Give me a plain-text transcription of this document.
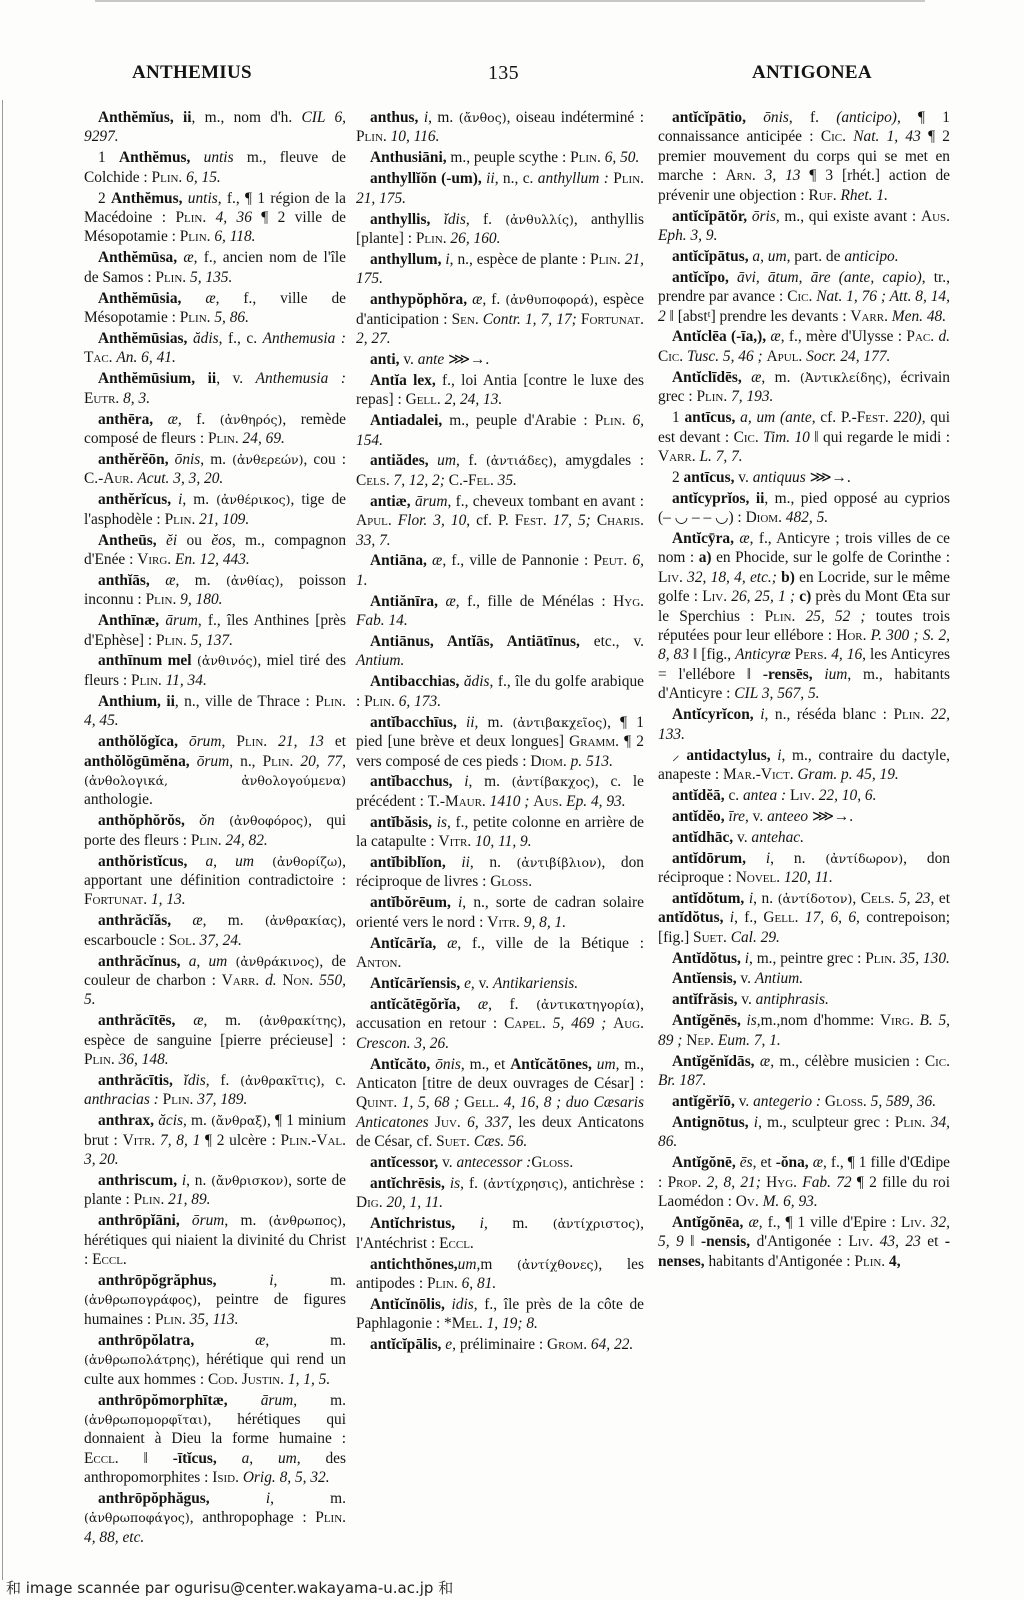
ANTHEMIUS	135	ANTIGONEA

Anthĕmĭus, ii, m., nom d'h. CIL 6, 9297.

1 Anthĕmus, untis m., fleuve de Colchide : Plin. 6, 15.

2 Anthĕmus, untis, f., ¶ 1 région de la Macédoine : Plin. 4, 36 ¶ 2 ville de Mésopotamie : Plin. 6, 118.

Anthĕmūsa, æ, f., ancien nom de l'île de Samos : Plin. 5, 135.

Anthĕmūsia, æ, f., ville de Mésopotamie : Plin. 5, 86.

Anthĕmūsias, ădis, f., c. Anthemusia : Tac. An. 6, 41.

Anthĕmūsium, ii, v. Anthemusia : Eutr. 8, 3.

anthēra, æ, f. (ἀνθηρός), remède composé de fleurs : Plin. 24, 69.

anthĕrĕōn, ōnis, m. (ἀνθερεών), cou : C.-Aur. Acut. 3, 3, 20.

anthĕrĭcus, i, m. (ἀνθέρικος), tige de l'asphodèle : Plin. 21, 109.

Antheūs, ĕi ou ĕos, m., compagnon d'Enée : Virg. En. 12, 443.

anthĭās, æ, m. (ἀνθίας), poisson inconnu : Plin. 9, 180.

Anthīnæ, ārum, f., îles Anthines [près d'Ephèse] : Plin. 5, 137.

anthīnum mel (ἀνθινός), miel tiré des fleurs : Plin. 11, 34.

Anthium, ii, n., ville de Thrace : Plin. 4, 45.

anthŏlŏgĭca, ōrum, Plin. 21, 13 et anthŏlŏgūmĕna, ōrum, n., Plin. 20, 77, (ἀνθολογικά, ἀνθολογούμενα) anthologie.

anthŏphŏrŏs, ŏn (ἀνθοφόρος), qui porte des fleurs : Plin. 24, 82.

anthŏristĭcus, a, um (ἀνθορίζω), apportant une définition contradictoire : Fortunat. 1, 13.

anthrăcĭăs, æ, m. (ἀνθρακίας), escarboucle : Sol. 37, 24.

anthrăcĭnus, a, um (ἀνθράκινος), de couleur de charbon : Varr. d. Non. 550, 5.

anthrăcītēs, æ, m. (ἀνθρακίτης), espèce de sanguine [pierre précieuse] : Plin. 36, 148.

anthrăcītis, ĭdis, f. (ἀνθρακῖτις), c. anthracias : Plin. 37, 189.

anthrax, ăcis, m. (ἄνθραξ), ¶ 1 minium brut : Vitr. 7, 8, 1 ¶ 2 ulcère : Plin.-Val. 3, 20.

anthriscum, i, n. (ἄνθρισκον), sorte de plante : Plin. 21, 89.

anthrōpĭāni, ōrum, m. (ἀνθρωπος), hérétiques qui niaient la divinité du Christ : Eccl.

anthrōpŏgrăphus,	i, m. (ἀνθρωπογράφος), peintre de figures humaines : Plin. 35, 113.

anthrōpŏlatra,	æ, m. (ἀνθρωπολάτρης), hérétique qui rend un culte aux hommes : Cod. Justin. 1, 1, 5.

anthrōpŏmorphītæ, ārum, m. (ἀνθρωπομορφῖται), hérétiques qui donnaient à Dieu la forme humaine : Eccl. ‖ -ītĭcus, a, um, des anthropomorphites : Isid. Orig. 8, 5, 32.

anthrōpŏphăgus,	i, m. (ἀνθρωποφάγος), anthropophage : Plin. 4, 88, etc.

anthus, i, m. (ἄνθος), oiseau indéterminé : Plin. 10, 116.

Anthusiāni, m., peuple scythe : Plin. 6, 50.

anthyllĭŏn (-um), ii, n., c. anthyllum : Plin. 21, 175.

anthyllis, ĭdis, f. (ἀνθυλλίς), anthyllis [plante] : Plin. 26, 160.

anthyllum, i, n., espèce de plante : Plin. 21, 175.

anthypŏphŏra, æ, f. (ἀνθυποφορά), espèce d'anticipation : Sen. Contr. 1, 7, 17; Fortunat. 2, 27.

anti, v. ante ⋙→.

Antĭa lex, f., loi Antia [contre le luxe des repas] : Gell. 2, 24, 13.

Antiadalei, m., peuple d'Arabie : Plin. 6, 154.

antiădes, um, f. (ἀντιάδες), amygdales : Cels. 7, 12, 2; C.-Fel. 35.

antiæ, ārum, f., cheveux tombant en avant : Apul. Flor. 3, 10, cf. P. Fest. 17, 5; Charis. 33, 7.

Antiāna, æ, f., ville de Pannonie : Peut. 6, 1.

Antiănīra, æ, f., fille de Ménélas : Hyg. Fab. 14.

Antiānus, Antĭās, Antiātīnus, etc., v. Antium.

Antibacchias, ădis, f., île du golfe arabique : Plin. 6, 173.

antĭbacchīus, ii, m. (ἀντιβακχεῖος), ¶ 1 pied [une brève et deux longues] Gramm. ¶ 2 vers composé de ces pieds : Diom. p. 513.

antĭbacchus, i, m. (ἀντίβακχος), c. le précédent : T.-Maur. 1410 ; Aus. Ep. 4, 93.

antĭbăsis, is, f., petite colonne en arrière de la catapulte : Vitr. 10, 11, 9.

antĭbiblĭon, ii, n. (ἀντιβίβλιον), don réciproque de livres : Gloss.

antĭbŏrēum, i, n., sorte de cadran solaire orienté vers le nord : Vitr. 9, 8, 1.

Antĭcārĭa, æ, f., ville de la Bétique : Anton.

Antĭcārĭensis, e, v. Antikariensis.

antĭcătēgŏrĭa, æ, f. (ἀντικατηγορία), accusation en retour : Capel. 5, 469 ; Aug. Crescon. 3, 26.

Antĭcăto, ōnis, m., et Antĭcătōnes, um, m., Anticaton [titre de deux ouvrages de César] : Quint. 1, 5, 68 ; Gell. 4, 16, 8 ; duo Cæsaris Anticatones Juv. 6, 337, les deux Anticatons de César, cf. Suet. Cæs. 56.

antĭcessor, v. antecessor :Gloss.

antĭchrēsis, is, f. (ἀντίχρησις), antichrèse : Dig. 20, 1, 11.

Antĭchristus, i, m. (ἀντίχριστος), l'Antéchrist : Eccl.

antichthŏnes,um,m (ἀντίχθονες), les antipodes : Plin. 6, 81.

Antĭcĭnōlis, idis, f., île près de la côte de Paphlagonie : *Mel. 1, 19; 8.

antĭcĭpālis, e, préliminaire : Grom. 64, 22.

antĭcĭpātio, ōnis, f. (anticipo), ¶ 1 connaissance anticipée : Cic. Nat. 1, 43 ¶ 2 premier mouvement du corps qui se met en marche : Arn. 3, 13 ¶ 3 [rhét.] action de prévenir une objection : Ruf. Rhet. 1.

antĭcĭpātŏr, ōris, m., qui existe avant : Aus. Eph. 3, 9.

antĭcĭpātus, a, um, part. de anticipo.

antĭcĭpo, āvi, ātum, āre (ante, capio), tr., prendre par avance : Cic. Nat. 1, 76 ; Att. 8, 14, 2 ‖ [abstᵗ] prendre les devants : Varr. Men. 48.

Antĭclēa (-īa,), æ, f., mère d'Ulysse : Pac. d. Cic. Tusc. 5, 46 ; Apul. Socr. 24, 177.

Antĭclīdēs, æ, m. (Ἀντικλείδης), écrivain grec : Plin. 7, 193.

1 antīcus, a, um (ante, cf. P.-Fest. 220), qui est devant : Cic. Tim. 10 ‖ qui regarde le midi : Varr. L. 7, 7.

2 antīcus, v. antiquus ⋙→.

antĭcyprĭos, ii, m., pied opposé au cyprios (– ◡ – – ◡) : Diom. 482, 5.

Antĭcȳra, æ, f., Anticyre ; trois villes de ce nom : a) en Phocide, sur le golfe de Corinthe : Liv. 32, 18, 4, etc.; b) en Locride, sur le même golfe : Liv. 26, 25, 1 ; c) près du Mont Œta sur le Sperchius : Plin. 25, 52 ; toutes trois réputées pour leur ellébore : Hor. P. 300 ; S. 2, 8, 83 ‖ [fig., Anticyræ Pers. 4, 16, les Anticyres = l'ellébore ‖ -rensēs, ium, m., habitants d'Anticyre : CIL 3, 567, 5.

Antĭcyrĭcon, i, n., réséda blanc : Plin. 22, 133.

⸝ antidactylus, i, m., contraire du dactyle, anapeste : Mar.-Vict. Gram. p. 45, 19.

antĭdĕā, c. antea : Liv. 22, 10, 6.

antĭdĕo, īre, v. anteeo ⋙→.

antĭdhāc, v. antehac.

antĭdōrum, i, n. (ἀντίδωρον), don réciproque : Novel. 120, 11.

antĭdŏtum, i, n. (ἀντίδοτον), Cels. 5, 23, et antĭdŏtus, i, f., Gell. 17, 6, 6, contrepoison; [fig.] Suet. Cal. 29.

Antĭdŏtus, i, m., peintre grec : Plin. 35, 130.

Antĭensis, v. Antium.

antĭfrăsis, v. antiphrasis.

Antĭgĕnēs, is,m.,nom d'homme: Virg. B. 5, 89 ; Nep. Eum. 7, 1.

Antĭgĕnĭdās, æ, m., célèbre musicien : Cic. Br. 187.

antĭgĕrĭō, v. antegerio : Gloss. 5, 589, 36.

Antignōtus, i, m., sculpteur grec : Plin. 34, 86.

Antĭgŏnē, ēs, et -ŏna, æ, f., ¶ 1 fille d'Œdipe : Prop. 2, 8, 21; Hyg. Fab. 72 ¶ 2 fille du roi Laomédon : Ov. M. 6, 93.

Antĭgŏnēa, æ, f., ¶ 1 ville d'Epire : Liv. 32, 5, 9 ‖ -nensis, d'Antigonée : Liv. 43, 23 et -nenses, habitants d'Antigonée : Plin. 4,

和 image scannée par ogurisu@center.wakayama-u.ac.jp 和
